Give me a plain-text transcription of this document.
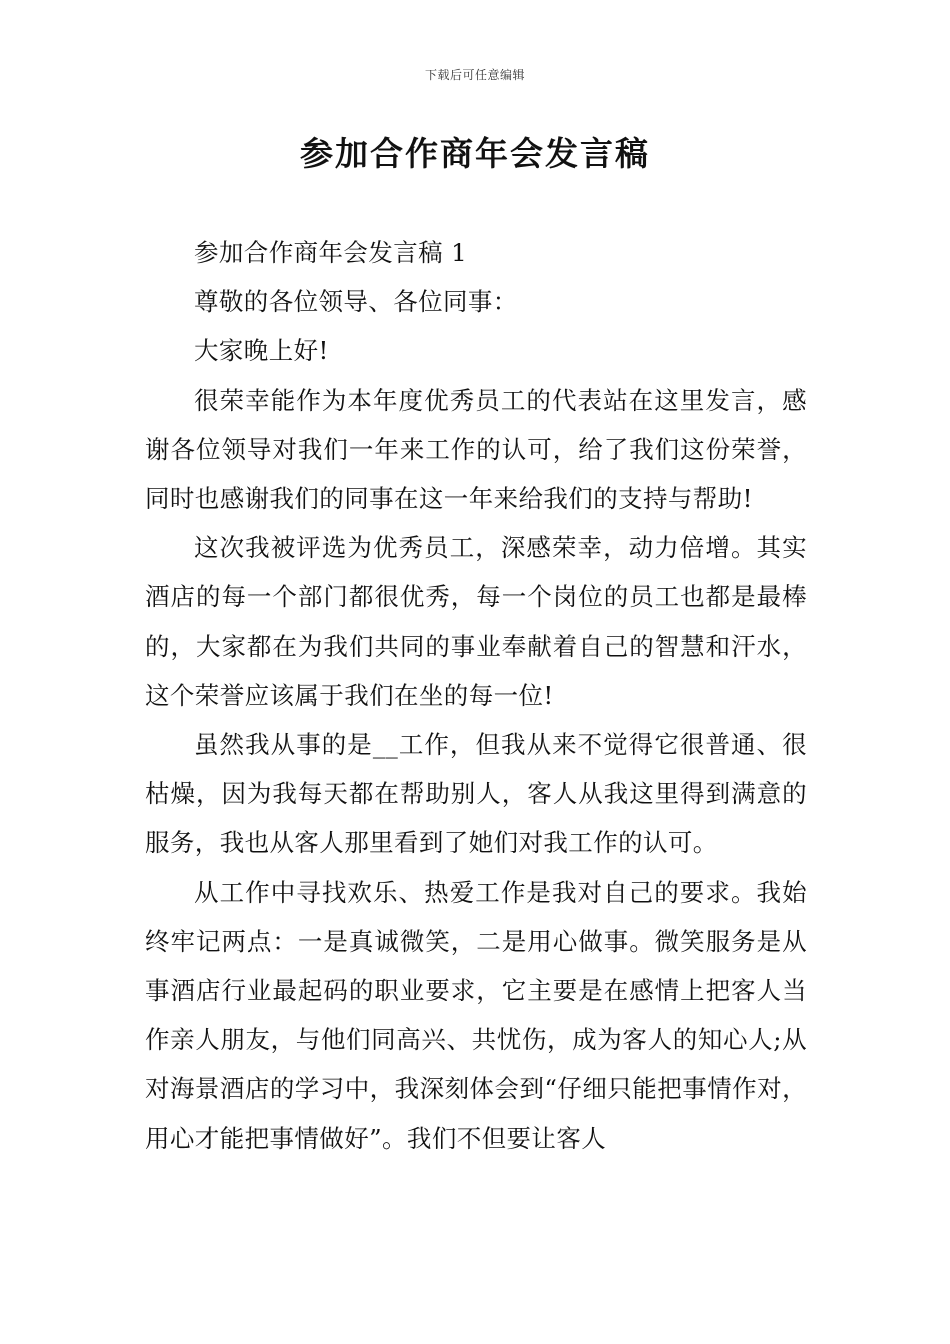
下载后可任意编辑
参加合作商年会发言稿

参加合作商年会发言稿 1

尊敬的各位领导、各位同事：

大家晚上好!

很荣幸能作为本年度优秀员工的代表站在这里发言，感谢各位领导对我们一年来工作的认可，给了我们这份荣誉，同时也感谢我们的同事在这一年来给我们的支持与帮助!

这次我被评选为优秀员工，深感荣幸，动力倍增。其实酒店的每一个部门都很优秀，每一个岗位的员工也都是最棒的，大家都在为我们共同的事业奉献着自己的智慧和汗水，这个荣誉应该属于我们在坐的每一位!

虽然我从事的是__工作，但我从来不觉得它很普通、很枯燥，因为我每天都在帮助别人，客人从我这里得到满意的服务，我也从客人那里看到了她们对我工作的认可。

从工作中寻找欢乐、热爱工作是我对自己的要求。我始终牢记两点：一是真诚微笑，二是用心做事。微笑服务是从事酒店行业最起码的职业要求，它主要是在感情上把客人当作亲人朋友，与他们同高兴、共忧伤，成为客人的知心人;从对海景酒店的学习中，我深刻体会到“仔细只能把事情作对，用心才能把事情做好”。我们不但要让客人
